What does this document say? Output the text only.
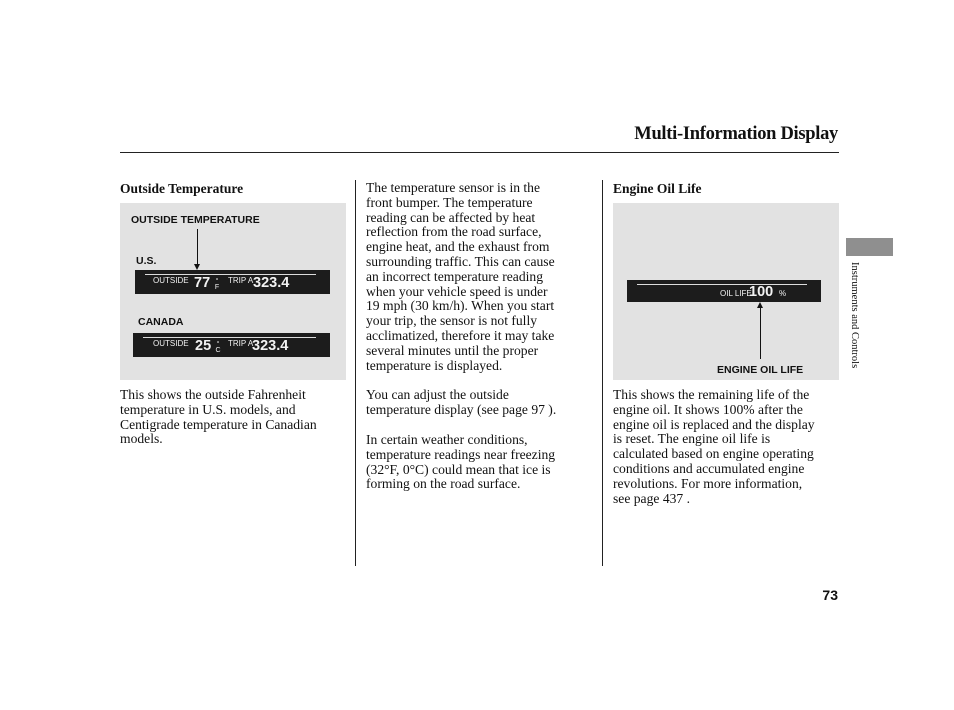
Multi-Information Display
Outside Temperature
OUTSIDE TEMPERATURE
U.S.
OUTSIDE 77 °
F
TRIP A 323.4
CANADA
OUTSIDE 25 °
C
TRIP A
323.4
This shows the outside Fahrenheit
temperature in U.S. models, and
Centigrade temperature in Canadian
models.
The temperature sensor is in the
front bumper. The temperature
reading can be affected by heat
reflection from the road surface,
engine heat, and the exhaust from
surrounding traffic. This can cause
an incorrect temperature reading
when your vehicle speed is under
19 mph (30 km/h). When you start
your trip, the sensor is not fully
acclimatized, therefore it may take
several minutes until the proper
temperature is displayed.
You can adjust the outside
temperature display (see page 97 ).
In certain weather conditions,
temperature readings near freezing
(32°F, 0°C) could mean that ice is
forming on the road surface.
Engine Oil Life
OIL LIFE
100 %
ENGINE OIL LIFE
This shows the remaining life of the
engine oil. It shows 100% after the
engine oil is replaced and the display
is reset. The engine oil life is
calculated based on engine operating
conditions and accumulated engine
revolutions. For more information,
see page 437 .
Instruments and Controls
73
